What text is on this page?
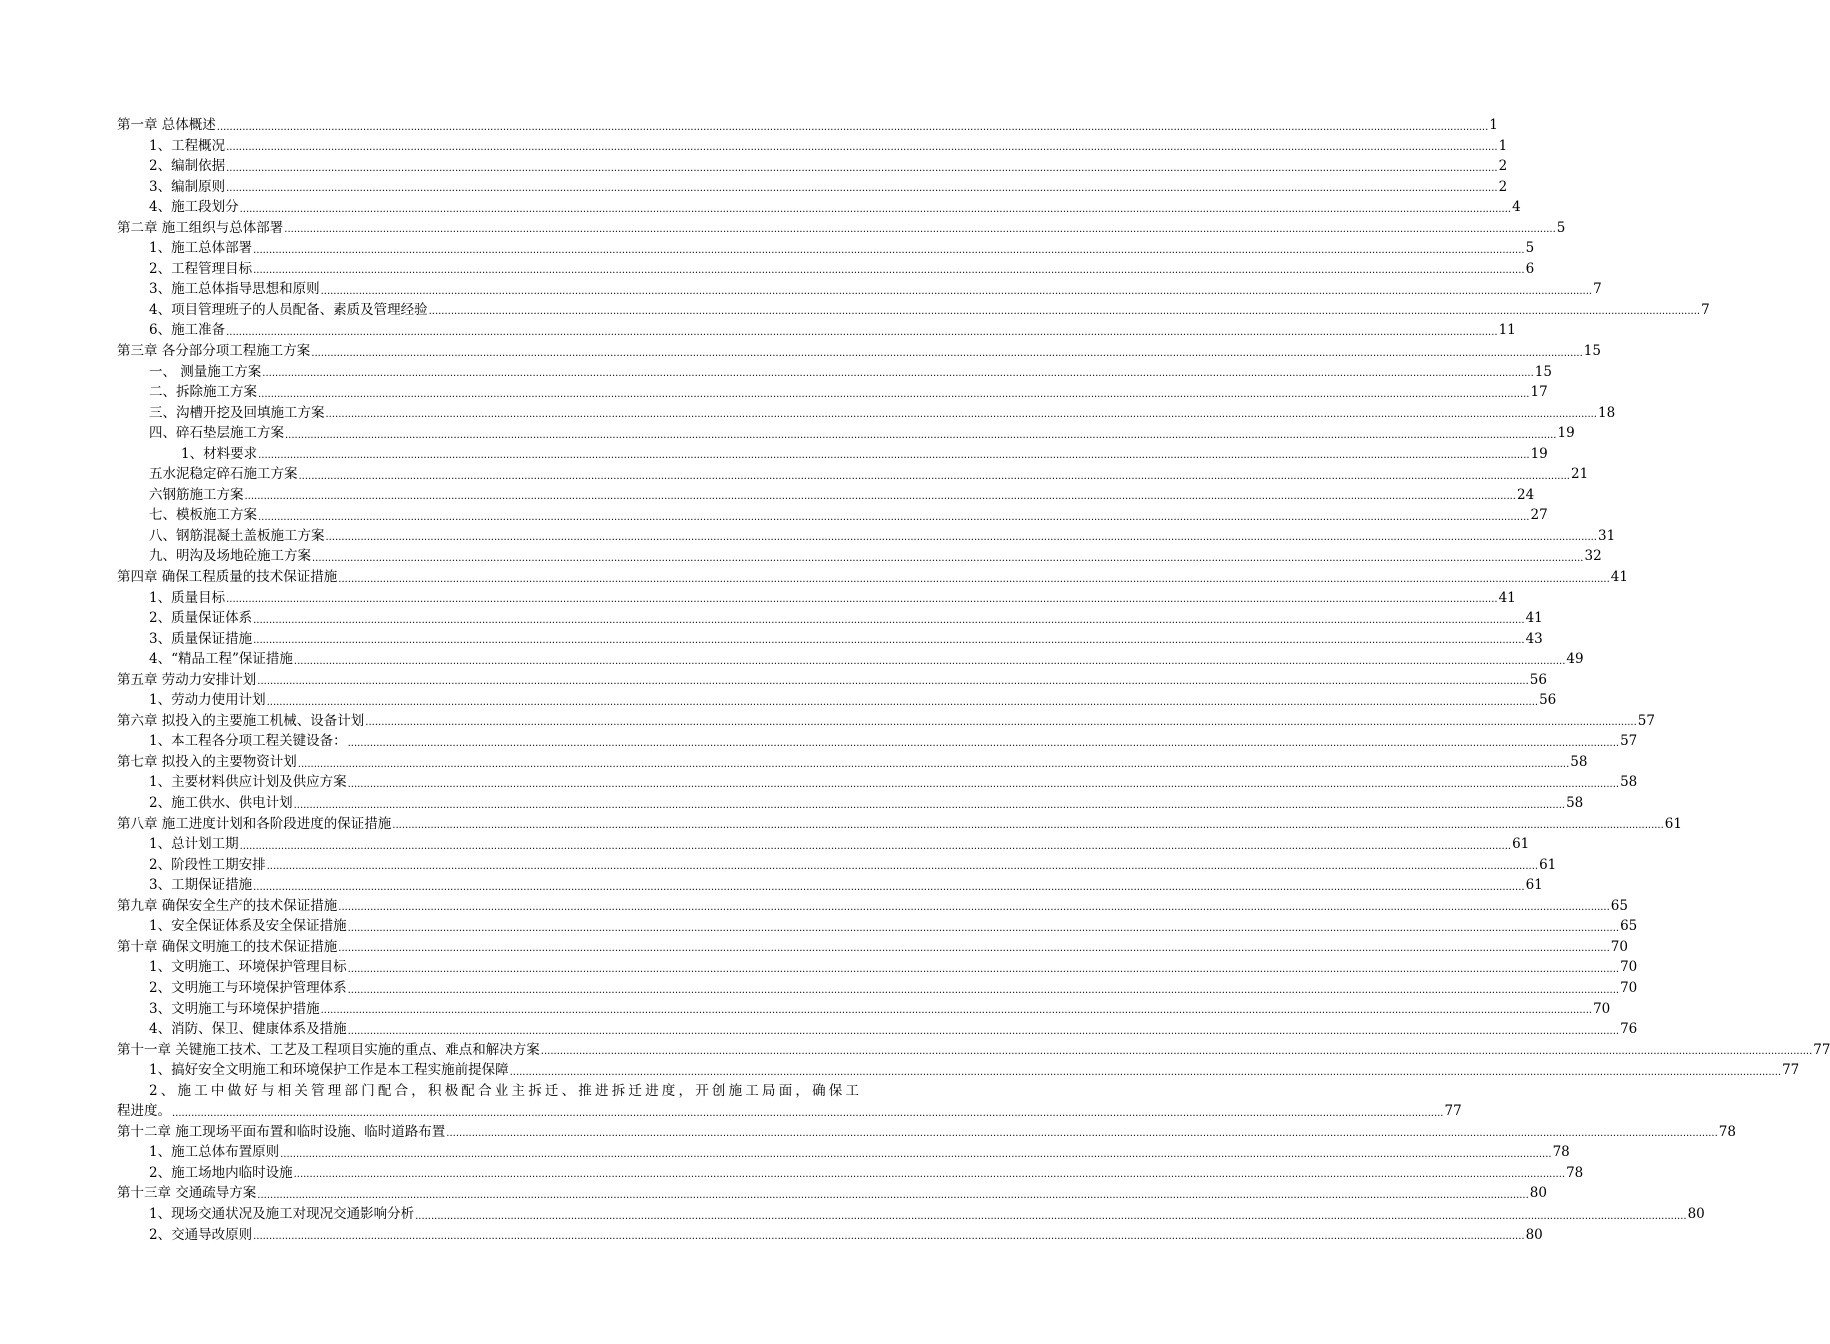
第一章 总体概述 ................................................................................................................................................................................................................................................................................................................................................................................................................ 1
1、工程概况 ................................................................................................................................................................................................................................................................................................................................................................................................................ 1
2、编制依据 ................................................................................................................................................................................................................................................................................................................................................................................................................ 2
3、编制原则 ................................................................................................................................................................................................................................................................................................................................................................................................................ 2
4、施工段划分 ................................................................................................................................................................................................................................................................................................................................................................................................................ 4
第二章 施工组织与总体部署 ................................................................................................................................................................................................................................................................................................................................................................................................................ 5
1、施工总体部署 ................................................................................................................................................................................................................................................................................................................................................................................................................ 5
2、工程管理目标 ................................................................................................................................................................................................................................................................................................................................................................................................................ 6
3、施工总体指导思想和原则 ................................................................................................................................................................................................................................................................................................................................................................................................................ 7
4、项目管理班子的人员配备、素质及管理经验 ................................................................................................................................................................................................................................................................................................................................................................................................................ 7
6、施工准备 ................................................................................................................................................................................................................................................................................................................................................................................................................ 11
第三章 各分部分项工程施工方案 ................................................................................................................................................................................................................................................................................................................................................................................................................ 15
一、 测量施工方案 ................................................................................................................................................................................................................................................................................................................................................................................................................ 15
二、拆除施工方案 ................................................................................................................................................................................................................................................................................................................................................................................................................ 17
三、沟槽开挖及回填施工方案 ................................................................................................................................................................................................................................................................................................................................................................................................................ 18
四、碎石垫层施工方案 ................................................................................................................................................................................................................................................................................................................................................................................................................ 19
1、材料要求 ................................................................................................................................................................................................................................................................................................................................................................................................................ 19
五水泥稳定碎石施工方案 ................................................................................................................................................................................................................................................................................................................................................................................................................ 21
六钢筋施工方案 ................................................................................................................................................................................................................................................................................................................................................................................................................ 24
七、模板施工方案 ................................................................................................................................................................................................................................................................................................................................................................................................................ 27
八、钢筋混凝土盖板施工方案 ................................................................................................................................................................................................................................................................................................................................................................................................................ 31
九、明沟及场地砼施工方案 ................................................................................................................................................................................................................................................................................................................................................................................................................ 32
第四章 确保工程质量的技术保证措施 ................................................................................................................................................................................................................................................................................................................................................................................................................ 41
1、质量目标 ................................................................................................................................................................................................................................................................................................................................................................................................................ 41
2、质量保证体系 ................................................................................................................................................................................................................................................................................................................................................................................................................ 41
3、质量保证措施 ................................................................................................................................................................................................................................................................................................................................................................................................................ 43
4、“精品工程”保证措施 ................................................................................................................................................................................................................................................................................................................................................................................................................ 49
第五章 劳动力安排计划 ................................................................................................................................................................................................................................................................................................................................................................................................................ 56
1、劳动力使用计划 ................................................................................................................................................................................................................................................................................................................................................................................................................ 56
第六章 拟投入的主要施工机械、设备计划 ................................................................................................................................................................................................................................................................................................................................................................................................................ 57
1、本工程各分项工程关键设备： ................................................................................................................................................................................................................................................................................................................................................................................................................ 57
第七章 拟投入的主要物资计划 ................................................................................................................................................................................................................................................................................................................................................................................................................ 58
1、主要材料供应计划及供应方案 ................................................................................................................................................................................................................................................................................................................................................................................................................ 58
2、施工供水、供电计划 ................................................................................................................................................................................................................................................................................................................................................................................................................ 58
第八章 施工进度计划和各阶段进度的保证措施 ................................................................................................................................................................................................................................................................................................................................................................................................................ 61
1、总计划工期 ................................................................................................................................................................................................................................................................................................................................................................................................................ 61
2、阶段性工期安排 ................................................................................................................................................................................................................................................................................................................................................................................................................ 61
3、工期保证措施 ................................................................................................................................................................................................................................................................................................................................................................................................................ 61
第九章 确保安全生产的技术保证措施 ................................................................................................................................................................................................................................................................................................................................................................................................................ 65
1、安全保证体系及安全保证措施 ................................................................................................................................................................................................................................................................................................................................................................................................................ 65
第十章 确保文明施工的技术保证措施 ................................................................................................................................................................................................................................................................................................................................................................................................................ 70
1、文明施工、环境保护管理目标 ................................................................................................................................................................................................................................................................................................................................................................................................................ 70
2、文明施工与环境保护管理体系 ................................................................................................................................................................................................................................................................................................................................................................................................................ 70
3、文明施工与环境保护措施 ................................................................................................................................................................................................................................................................................................................................................................................................................ 70
4、消防、保卫、健康体系及措施 ................................................................................................................................................................................................................................................................................................................................................................................................................ 76
第十一章 关键施工技术、工艺及工程项目实施的重点、难点和解决方案 ................................................................................................................................................................................................................................................................................................................................................................................................................ 77
1、搞好安全文明施工和环境保护工作是本工程实施前提保障 ................................................................................................................................................................................................................................................................................................................................................................................................................ 77
2、施工中做好与相关管理部门配合，积极配合业主拆迁、推进拆迁进度，开创施工局面，确保工
程进度。 ................................................................................................................................................................................................................................................................................................................................................................................................................ 77
第十二章 施工现场平面布置和临时设施、临时道路布置 ................................................................................................................................................................................................................................................................................................................................................................................................................ 78
1、施工总体布置原则 ................................................................................................................................................................................................................................................................................................................................................................................................................ 78
2、施工场地内临时设施 ................................................................................................................................................................................................................................................................................................................................................................................................................ 78
第十三章 交通疏导方案 ................................................................................................................................................................................................................................................................................................................................................................................................................ 80
1、现场交通状况及施工对现况交通影响分析 ................................................................................................................................................................................................................................................................................................................................................................................................................ 80
2、交通导改原则 ................................................................................................................................................................................................................................................................................................................................................................................................................ 80
